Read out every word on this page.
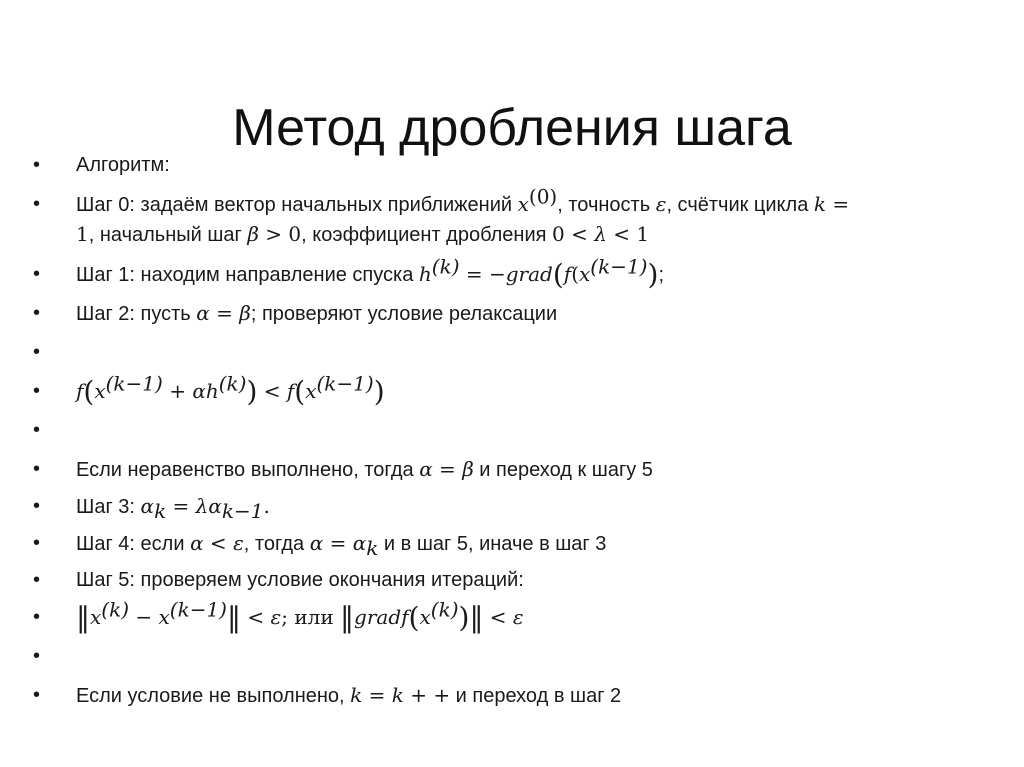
Метод дробления шага
• Алгоритм:
• Шаг 0: задаём вектор начальных приближений $x^{(0)}$, точность ε, счётчик цикла k =
1, начальный шаг β > 0, коэффициент дробления 0 < λ < 1
• Шаг 1: находим направление спуска $h^{(k)}$ = $-grad(f(x^{(k-1)})$;
• Шаг 2: пусть α = β; проверяют условие релаксации
•
• $f(x^{(k-1)} + \alpha h^{(k)}) < f(x^{(k-1)})$
•
• Если неравенство выполнено, тогда α = β и переход к шагу 5
• Шаг 3: $\alpha_k = \lambda\alpha_{k-1}$.
• Шаг 4: если α < ε, тогда $\alpha = \alpha_k$ и в шаг 5, иначе в шаг 3
• Шаг 5: проверяем условие окончания итераций:
• $‖x^{(k)}$ − $x^{(k-1)}‖ < \varepsilon$; или $‖gradf(x^{(k)})‖ < \varepsilon$
•
• Если условие не выполнено, k = k + + и переход в шаг 2
